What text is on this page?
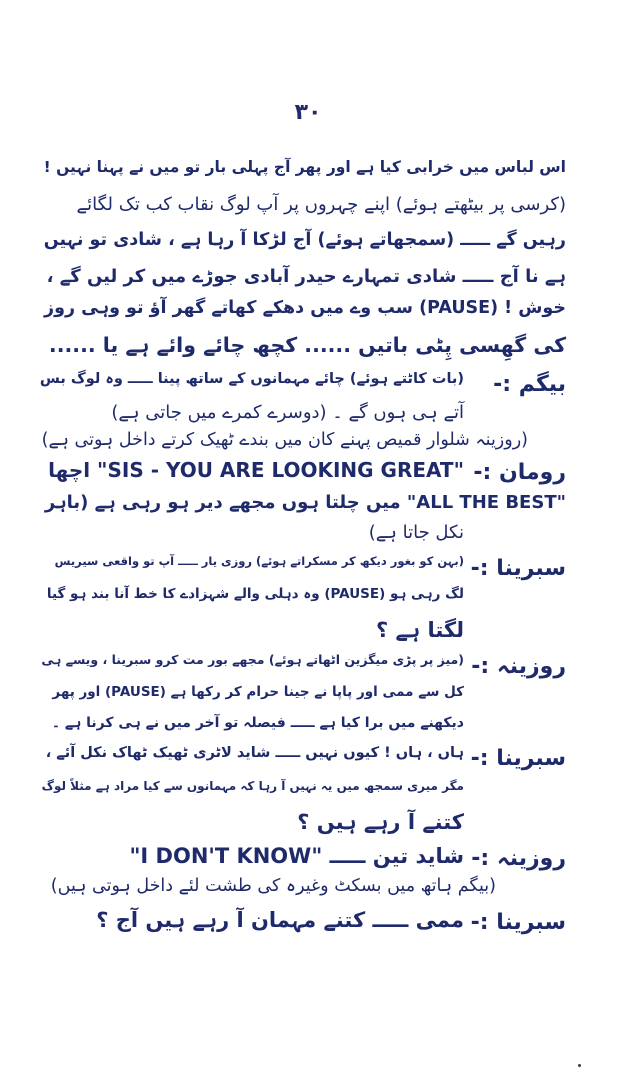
۳۰
اس لباس میں خرابی کیا ہے اور پھر آج پہلی بار تو میں نے پہنا نہیں !
(کرسی پر بیٹھتے ہوئے) اپنے چہروں پر آپ لوگ نقاب کب تک لگائے
رہیں گے ـــــ (سمجھاتے ہوئے) آج لڑکا آ رہا ہے ، شادی تو نہیں
ہے نا آج ـــــ شادی تمہارے حیدر آبادی جوڑے میں کر لیں گے ،
خوش ! (PAUSE) سب وے میں دھکے کھاتے گھر آؤ تو وہی روز
کی گھِسی پِٹی باتیں ...... کچھ چائے وائے ہے یا ......
بیگم :-
(بات کاٹتے ہوئے) چائے مہمانوں کے ساتھ پینا ـــــ وہ لوگ بس
آتے ہی ہوں گے ۔ (دوسرے کمرے میں جاتی ہے)
(روزینہ شلوار قمیص پہنے کان میں بندے ٹھیک کرتے داخل ہوتی ہے)
رومان :-
"SIS - YOU ARE LOOKING GREAT" اچھا
"ALL THE BEST" میں چلتا ہوں مجھے دیر ہو رہی ہے (باہر
نکل جاتا ہے)
سبرینا :-
(بہن کو بغور دیکھ کر مسکراتے ہوئے) روزی یار ـــــ آپ تو واقعی سیریس
لگ رہی ہو (PAUSE) وہ دہلی والے شہزادے کا خط آنا بند ہو گیا
لگتا ہے ؟
روزینہ :-
(میز پر پڑی میگزین اٹھاتے ہوئے) مجھے بور مت کرو سبرینا ، ویسے ہی
کل سے ممی اور پاپا نے جینا حرام کر رکھا ہے (PAUSE) اور پھر
دیکھنے میں برا کیا ہے ـــــ فیصلہ تو آخر میں نے ہی کرنا ہے ۔
سبرینا :-
ہاں ، ہاں ! کیوں نہیں ـــــ شاید لاٹری ٹھیک ٹھاک نکل آئے ،
مگر میری سمجھ میں یہ نہیں آ رہا کہ مہمانوں سے کیا مراد ہے مثلاً لوگ
کتنے آ رہے ہیں ؟
روزینہ :-
شاید تین ـــــ "I DON'T KNOW"
(بیگم ہاتھ میں بسکٹ وغیرہ کی طشت لئے داخل ہوتی ہیں)
سبرینا :-
ممی ـــــ کتنے مہمان آ رہے ہیں آج ؟
